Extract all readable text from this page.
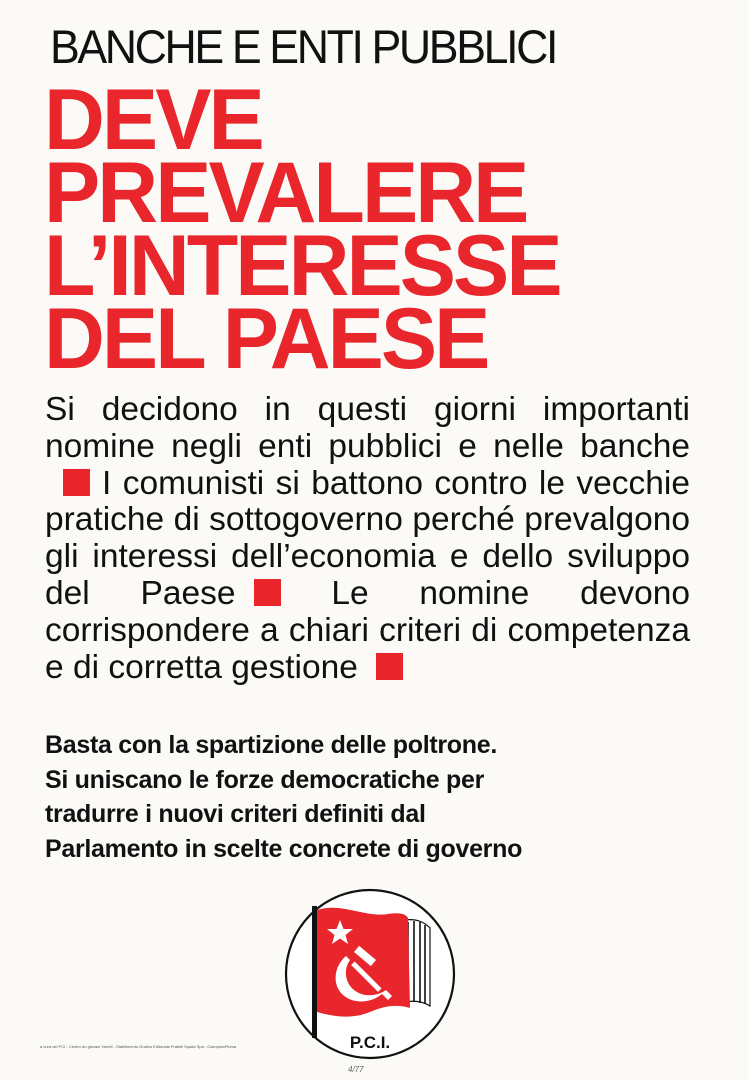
BANCHE E ENTI PUBBLICI
DEVE
PREVALERE
L’INTERESSE
DEL PAESE

Si decidono in questi giorni importanti nomine negli enti pubblici e nelle bancheI comunisti si battono contro le vecchie pratiche di sottogoverno perché prevalgono gli interessi dell’economia e dello sviluppo del Paese	Le nomine devono corrispondere a chiari criteri di competenza e di corretta gestione

Basta con la spartizione delle poltrone.
Si uniscano le forze democratiche per
tradurre i nuovi criteri definiti dal
Parlamento in scelte concrete di governo
P.C.I.
a cura del PCI - Centro du giovani Veneti - Stabilimento Grafico Editoriale Fratelli Spada Spa - Ciampino/Roma
4/77
